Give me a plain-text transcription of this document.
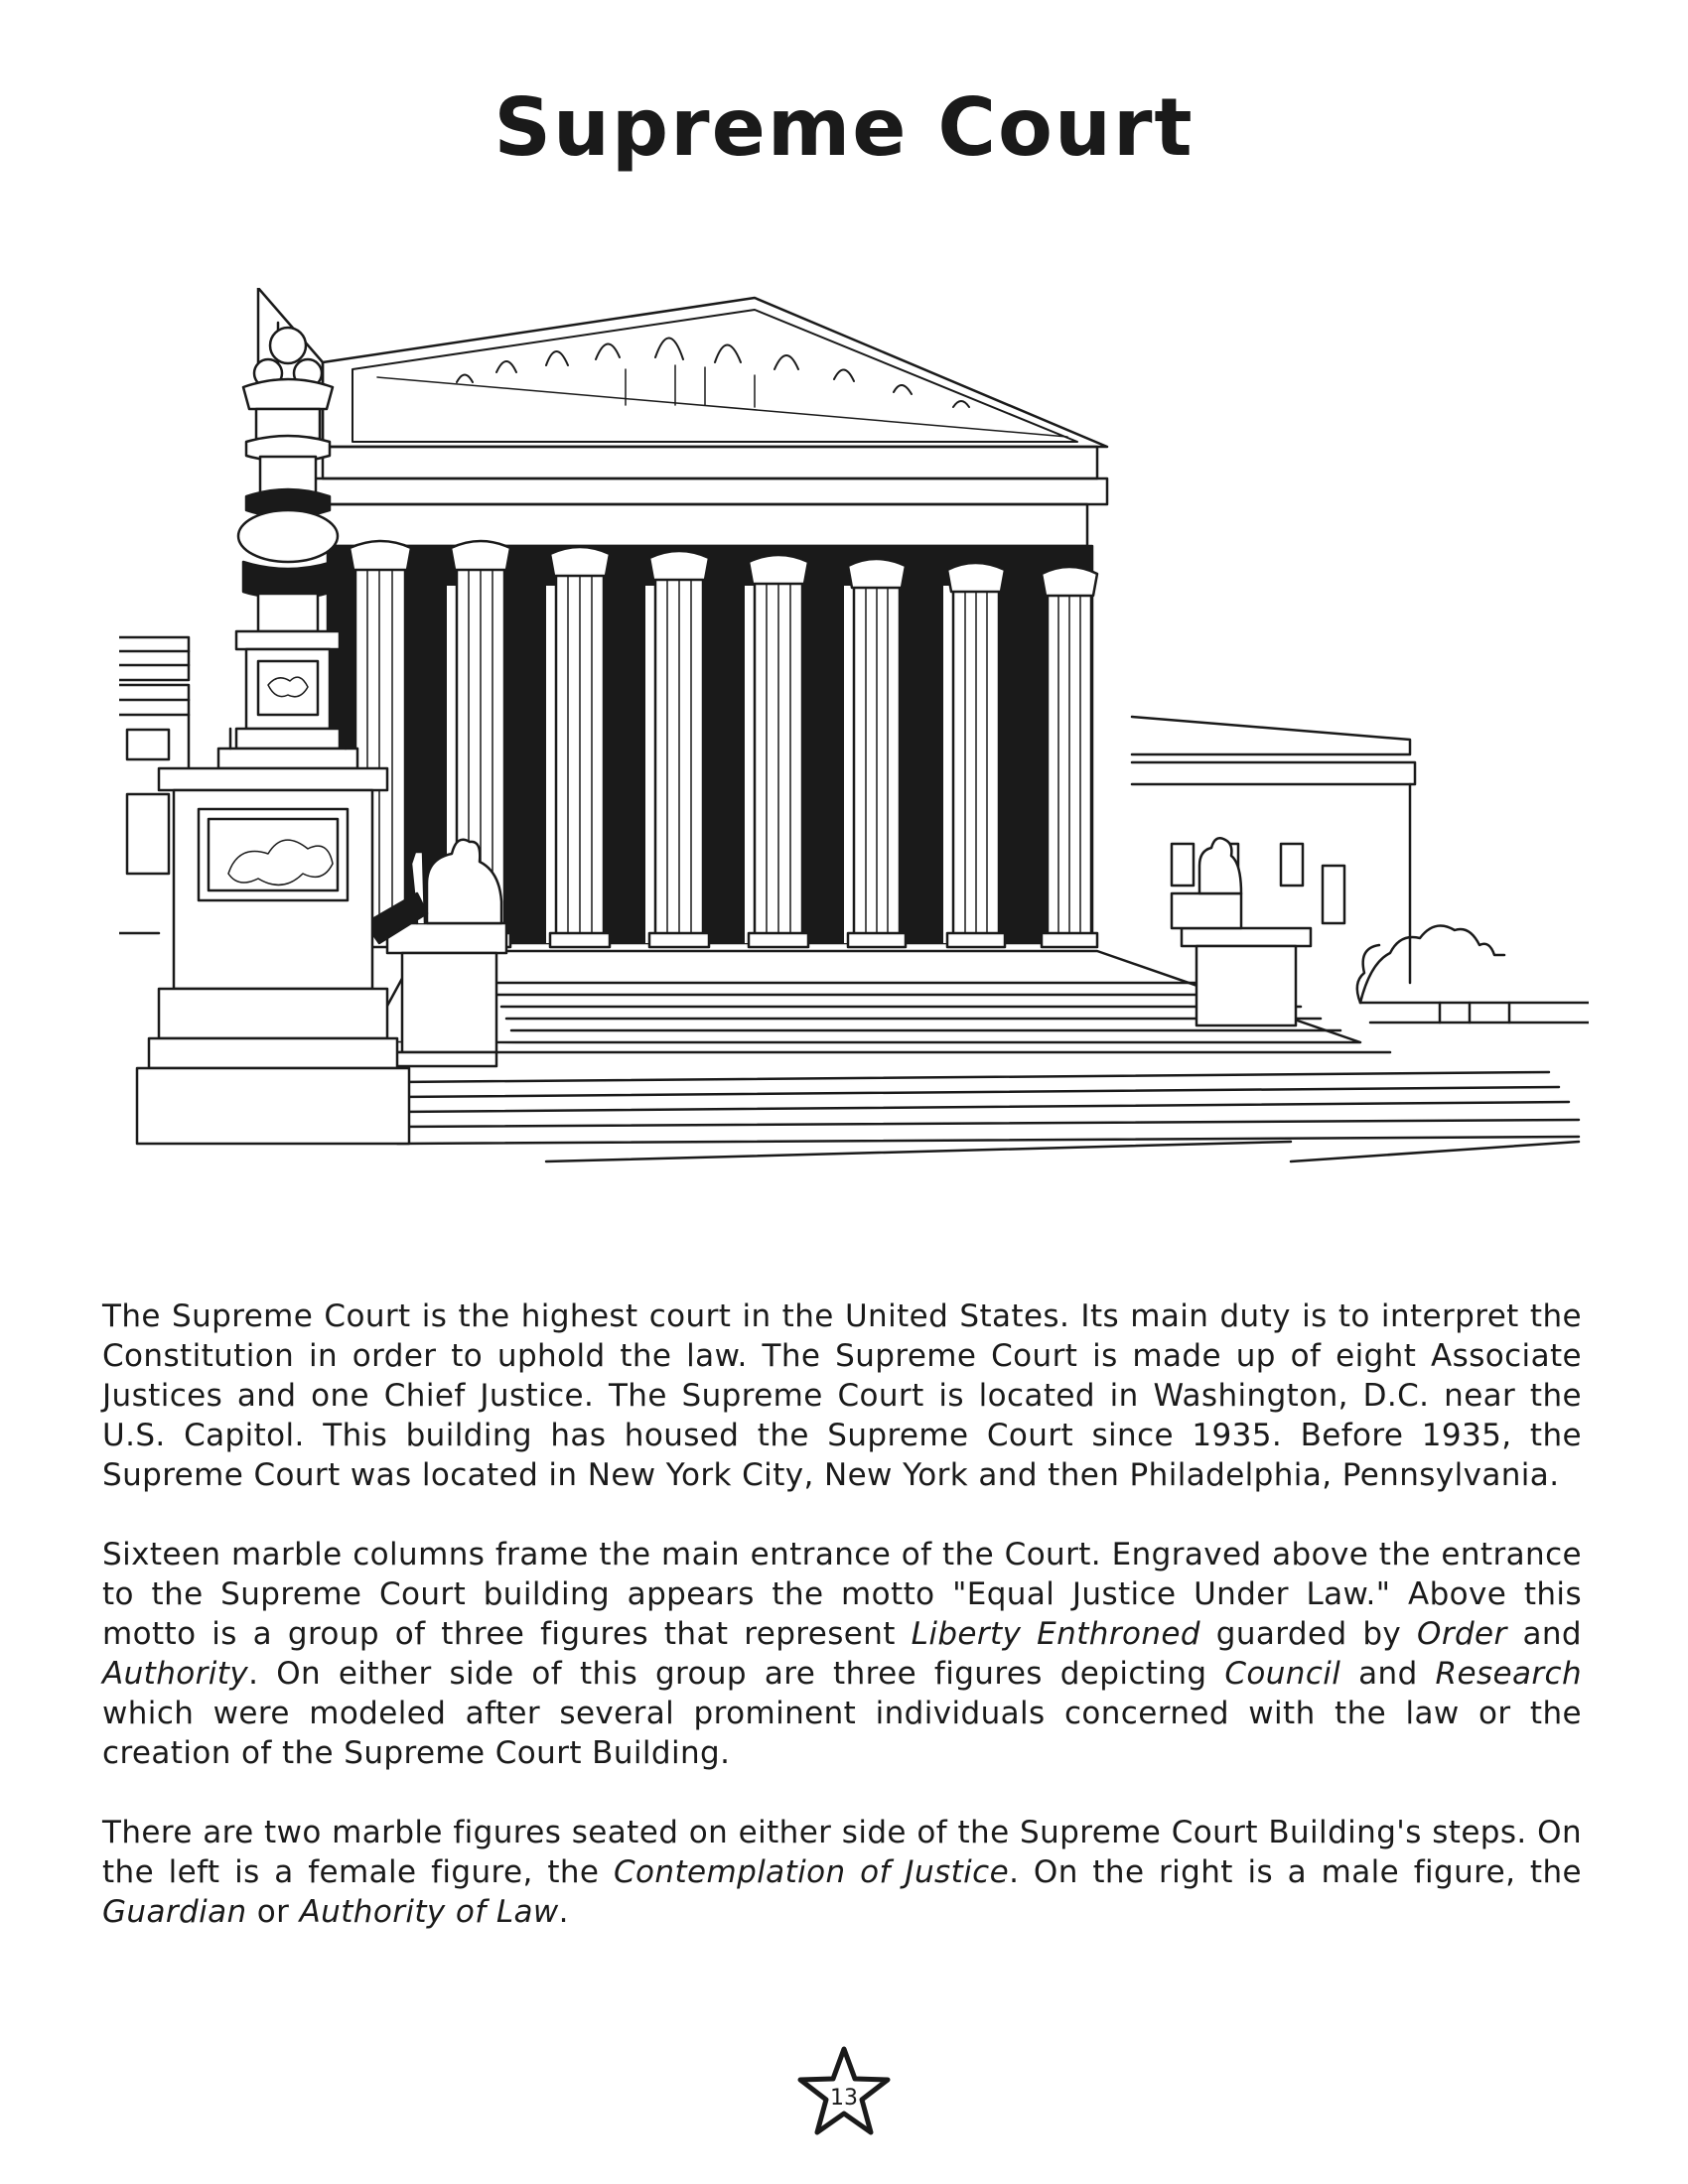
Supreme Court

The Supreme Court is the highest court in the United States. Its main duty is to interpret the Constitution in order to uphold the law. The Supreme Court is made up of eight Associate Justices and one Chief Justice. The Supreme Court is located in Washington, D.C. near the U.S. Capitol. This building has housed the Supreme Court since 1935. Before 1935, the Supreme Court was located in New York City, New York and then Philadelphia, Pennsylvania.

Sixteen marble columns frame the main entrance of the Court. Engraved above the entrance to the Supreme Court building appears the motto "Equal Justice Under Law." Above this motto is a group of three figures that represent Liberty Enthroned guarded by Order and Authority. On either side of this group are three figures depicting Council and Research which were modeled after several prominent individuals concerned with the law or the creation of the Supreme Court Building.

There are two marble figures seated on either side of the Supreme Court Building's steps. On the left is a female figure, the Contemplation of Justice. On the right is a male figure, the Guardian or Authority of Law.

13
